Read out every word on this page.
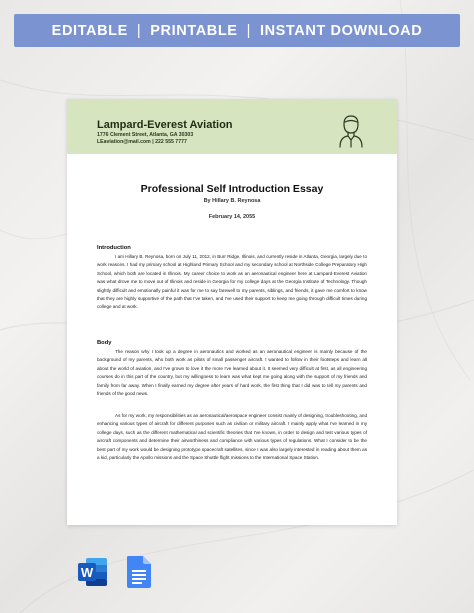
EDITABLE | PRINTABLE | INSTANT DOWNLOAD
Lampard-Everest Aviation
1776 Clement Street, Atlanta, GA 30303
LEaviation@mail.com | 222 555 7777
Professional Self Introduction Essay
By Hillary B. Reynosa
February 14, 2055
Introduction
I am Hillary B. Reynosa, born on July 11, 2012, in Burr Ridge, Illinois, and currently reside in Atlanta, Georgia, largely due to work reasons. I had my primary school at Highland Primary School and my secondary school at Northside College Preparatory High School, which both are located in Illinois. My career choice to work as an aeronautical engineer here at Lampard-Everest Aviation was what drove me to move out of Illinois and reside in Georgia for my college days at the Georgia Institute of Technology. Though slightly difficult and emotionally painful it was for me to say farewell to my parents, siblings, and friends, it gave me comfort to know that they are highly supportive of the path that I've taken, and I've used their support to keep me going through difficult times during college and at work.
Body
The reason why I took up a degree in aeronautics and worked as an aeronautical engineer is mainly because of the background of my parents, who both work as pilots of small passenger aircraft. I wanted to follow in their footsteps and learn all about the world of aviation, and I've grown to love it the more I've learned about it. It seemed very difficult at first, as all engineering courses do in this part of the country, but my willingness to learn was what kept me going along with the support of my friends and family from far away. When I finally earned my degree after years of hard work, the first thing that I did was to tell my parents and friends of the good news.
As for my work, my responsibilities as an aeronautical/aerospace engineer consist mainly of designing, troubleshooting, and enhancing various types of aircraft for different purposes such as civilian or military aircraft. I mainly apply what I've learned in my college days, such as the different mathematical and scientific theories that I've known, in order to design and test various types of aircraft components and determine their airworthiness and compliance with various types of regulations. What I consider to be the best part of my work would be designing prototype spacecraft satellites, since I was also largely interested in reading about them as a kid, particularly the Apollo missions and the Space Shuttle flight missions to the International Space Station.
W
